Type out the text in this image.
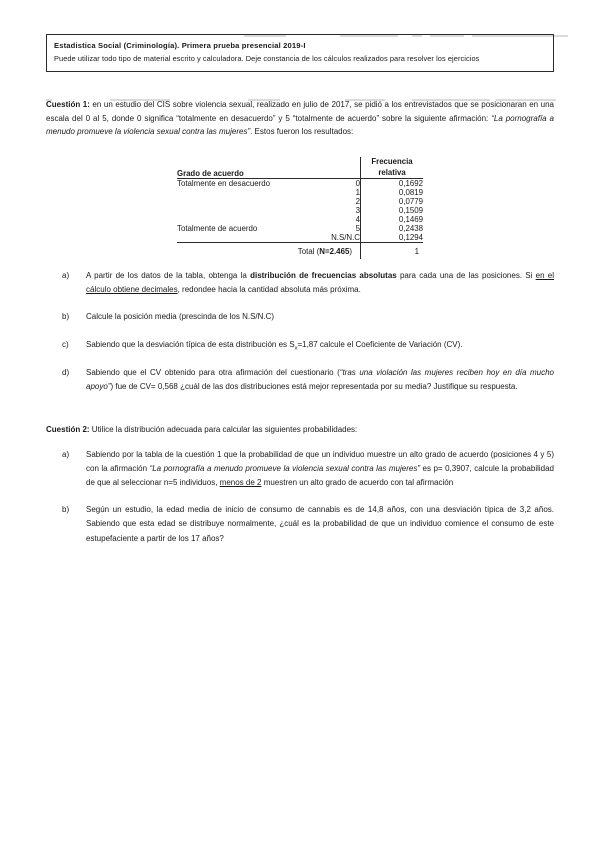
Estadistica Social (Criminología). Primera prueba presencial 2019-I
Puede utilizar todo tipo de material escrito y calculadora. Deje constancia de los cálculos realizados para resolver los ejercicios

Cuestión 1: en un estudio del CIS sobre violencia sexual, realizado en julio de 2017, se pidió a los entrevistados que se posicionaran en una escala del 0 al 5, donde 0 significa “totalmente en desacuerdo” y 5 “totalmente de acuerdo” sobre la siguiente afirmación: “La pornografía a menudo promueve la violencia sexual contra las mujeres”. Estos fueron los resultados:

Grado de acuerdo		Frecuencia relativa
Totalmente en desacuerdo	0	0,1692
	1	0,0819
	2	0,0779
	3	0,1509
	4	0,1469
Totalmente de acuerdo	5	0,2438
	N.S/N.C	0,1294
Total (N=2.465)		1
a)	A partir de los datos de la tabla, obtenga la distribución de frecuencias absolutas para cada una de las posiciones. Si en el cálculo obtiene decimales, redondee hacia la cantidad absoluta más próxima.
b)	Calcule la posición media (prescinda de los N.S/N.C)
c)	Sabiendo que la desviación típica de esta distribución es $S_x=1,87$ calcule el Coeficiente de Variación (CV).
d)	Sabiendo que el CV obtenido para otra afirmación del cuestionario (“tras una violación las mujeres reciben hoy en día mucho apoyo”) fue de CV= 0,568 ¿cuál de las dos distribuciones está mejor representada por su media? Justifique su respuesta.

Cuestión 2: Utilice la distribución adecuada para calcular las siguientes probabilidades:

a)	Sabiendo por la tabla de la cuestión 1 que la probabilidad de que un individuo muestre un alto grado de acuerdo (posiciones 4 y 5) con la afirmación “La pornografía a menudo promueve la violencia sexual contra las mujeres” es p= 0,3907, calcule la probabilidad de que al seleccionar n=5 individuos, menos de 2 muestren un alto grado de acuerdo con tal afirmación
b)	Según un estudio, la edad media de inicio de consumo de cannabis es de 14,8 años, con una desviación típica de 3,2 años. Sabiendo que esta edad se distribuye normalmente, ¿cuál es la probabilidad de que un individuo comience el consumo de este estupefaciente a partir de los 17 años?
